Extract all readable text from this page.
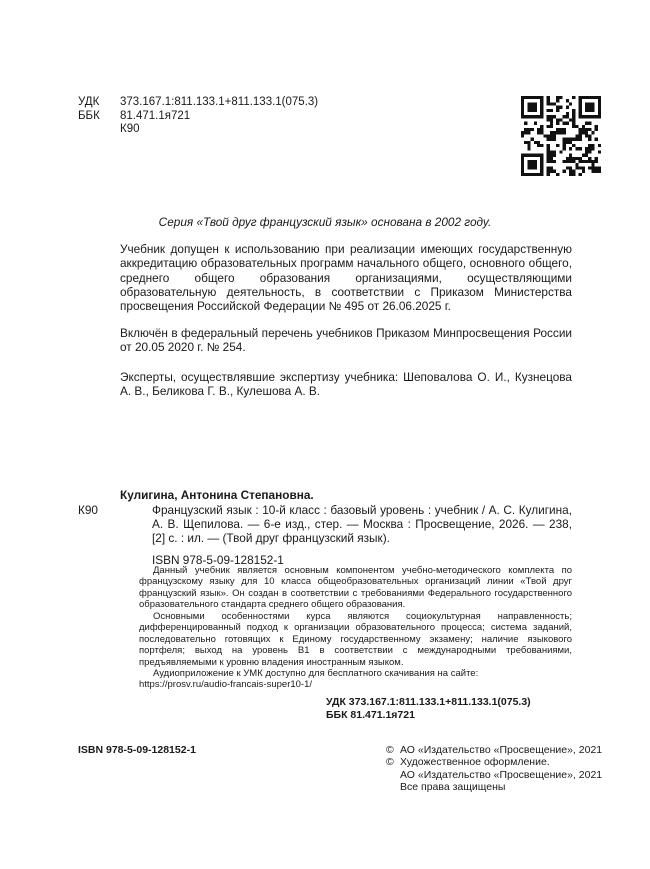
УДК	373.167.1:811.133.1+811.133.1(075.3)
ББК	81.471.1я721
К90
Серия «Твой друг французский язык» основана в 2002 году.
Учебник допущен к использованию при реализации имеющих государственную аккредитацию образовательных программ начального общего, основного общего, среднего общего образования организациями, осуществляющими образовательную деятельность, в соответствии с Приказом Министерства просвещения Российской Федерации № 495 от 26.06.2025 г.
Включён в федеральный перечень учебников Приказом Минпросвещения России от 20.05 2020 г. № 254.
Эксперты, осуществлявшие экспертизу учебника: Шеповалова О. И., Кузнецова А. В., Беликова Г. В., Кулешова А. В.
Кулигина, Антонина Степановна.
К90	Французский язык : 10-й класс : базовый уровень : учебник / А. С. Кулигина, А. В. Щепилова. — 6-е изд., стер. — Москва : Просвещение, 2026. — 238, [2] с. : ил. — (Твой друг французский язык).
ISBN 978-5-09-128152-1

Данный учебник является основным компонентом учебно-методического комплекта по французскому языку для 10 класса общеобразовательных организаций линии «Твой друг французский язык». Он создан в соответствии с требованиями Федерального государственного образовательного стандарта среднего общего образования.

Основными особенностями курса являются социокультурная направленность; дифференцированный подход к организации образовательного процесса; система заданий, последовательно готовящих к Единому государственному экзамену; наличие языкового портфеля; выход на уровень B1 в соответствии с международными требованиями, предъявляемыми к уровню владения иностранным языком.

Аудиоприложение к УМК доступно для бесплатного скачивания на сайте:

https://prosv.ru/audio-francais-super10-1/

УДК 373.167.1:811.133.1+811.133.1(075.3)
ББК 81.471.1я721
ISBN 978-5-09-128152-1	© АО «Издательство «Просвещение», 2021
© Художественное оформление.
АО «Издательство «Просвещение», 2021
Все права защищены
